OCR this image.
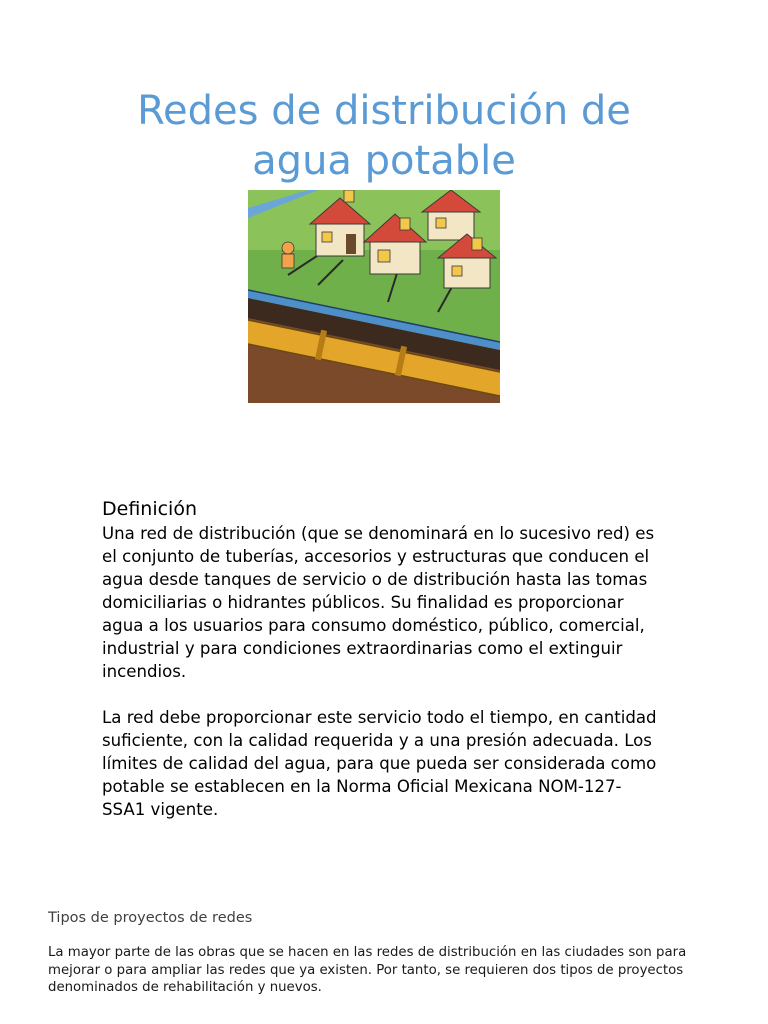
Redes de distribución de
agua potable
Definición

Una red de distribución (que se denominará en lo sucesivo red) es el conjunto de tuberías, accesorios y estructuras que conducen el agua desde tanques de servicio o de distribución hasta las tomas domiciliarias o hidrantes públicos. Su finalidad es proporcionar agua a los usuarios para consumo doméstico, público, comercial, industrial y para condiciones extraordinarias como el extinguir incendios.

La red debe proporcionar este servicio todo el tiempo, en cantidad suficiente, con la calidad requerida y a una presión adecuada. Los límites de calidad del agua, para que pueda ser considerada como potable se establecen en la Norma Oficial Mexicana NOM-127-SSA1 vigente.

Tipos de proyectos de redes

La mayor parte de las obras que se hacen en las redes de distribución en las ciudades son para mejorar o para ampliar las redes que ya existen. Por tanto, se requieren dos tipos de proyectos denominados de rehabilitación y nuevos.
